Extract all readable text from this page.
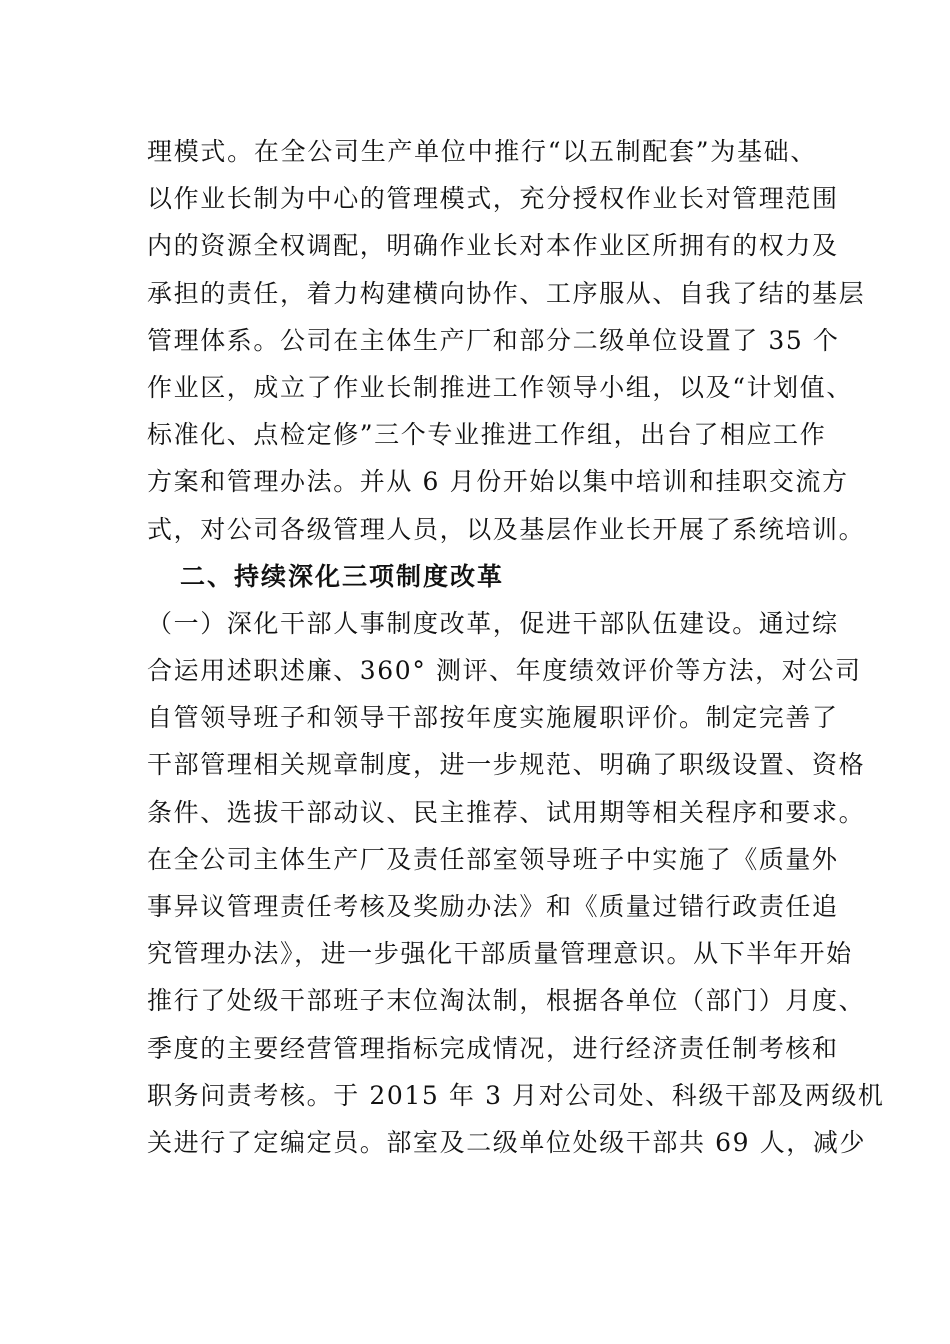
理模式。在全公司生产单位中推行“以五制配套”为基础、
以作业长制为中心的管理模式，充分授权作业长对管理范围
内的资源全权调配，明确作业长对本作业区所拥有的权力及
承担的责任，着力构建横向协作、工序服从、自我了结的基层
管理体系。公司在主体生产厂和部分二级单位设置了 35 个
作业区，成立了作业长制推进工作领导小组，以及“计划值、
标准化、点检定修”三个专业推进工作组，出台了相应工作
方案和管理办法。并从 6 月份开始以集中培训和挂职交流方
式，对公司各级管理人员，以及基层作业长开展了系统培训。
二、持续深化三项制度改革
（一）深化干部人事制度改革，促进干部队伍建设。通过综
合运用述职述廉、360° 测评、年度绩效评价等方法，对公司
自管领导班子和领导干部按年度实施履职评价。制定完善了
干部管理相关规章制度，进一步规范、明确了职级设置、资格
条件、选拔干部动议、民主推荐、试用期等相关程序和要求。
在全公司主体生产厂及责任部室领导班子中实施了《质量外
事异议管理责任考核及奖励办法》和《质量过错行政责任追
究管理办法》，进一步强化干部质量管理意识。从下半年开始
推行了处级干部班子末位淘汰制，根据各单位（部门）月度、
季度的主要经营管理指标完成情况，进行经济责任制考核和
职务问责考核。于 2015 年 3 月对公司处、科级干部及两级机
关进行了定编定员。部室及二级单位处级干部共 69 人，减少
